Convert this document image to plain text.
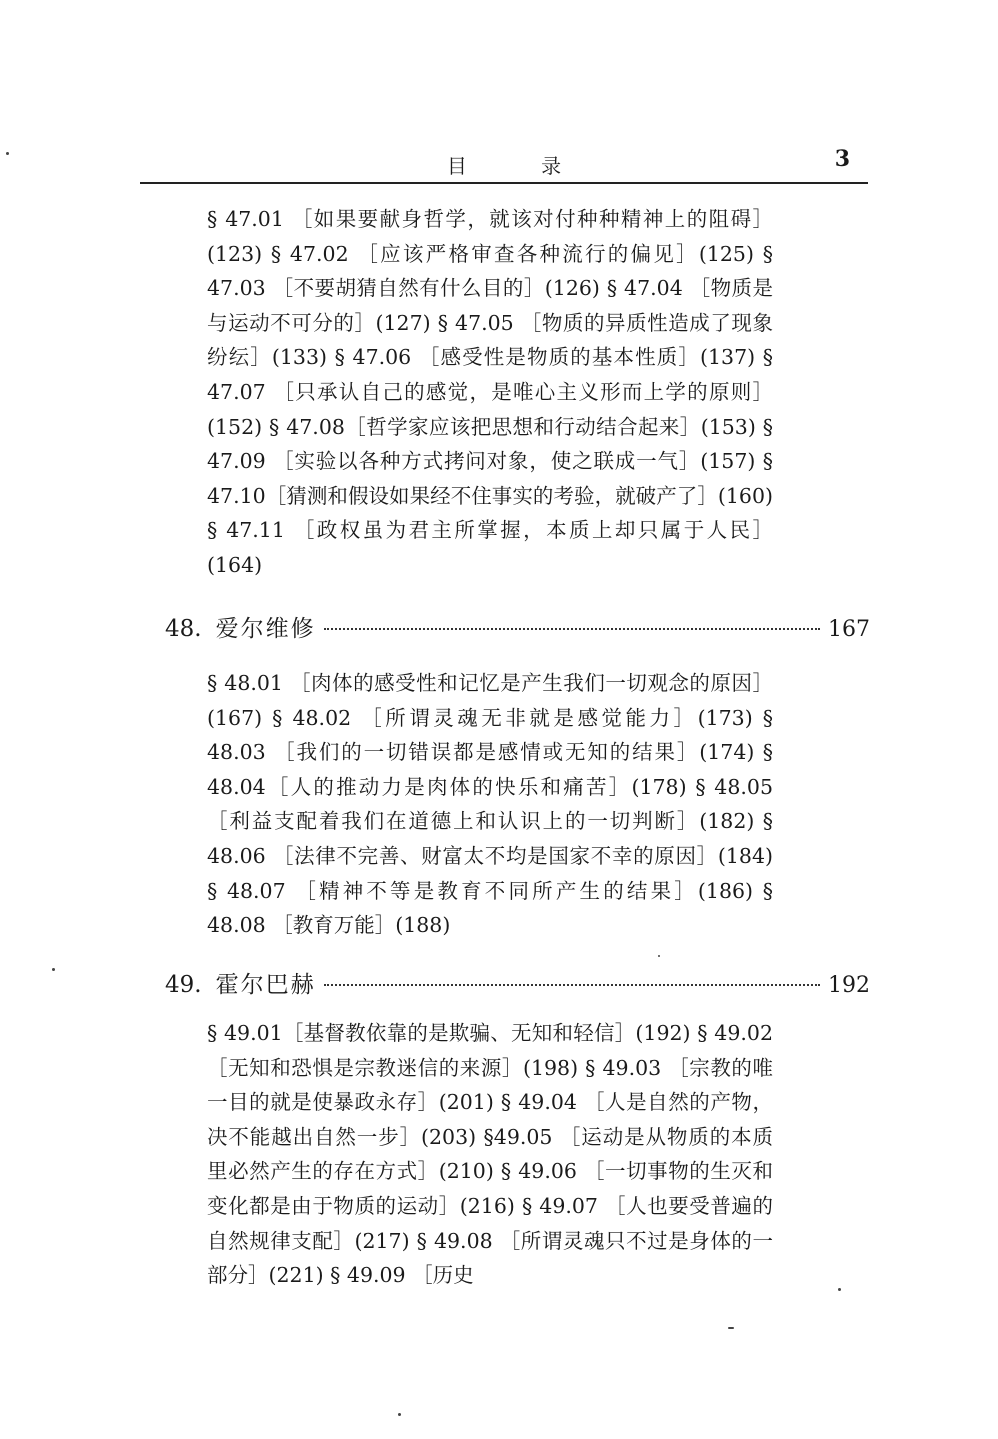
目 录	3
§ 47.01 ［如果要献身哲学，就该对付种种精神上的阻碍］(123) § 47.02 ［应该严格审查各种流行的偏见］(125) § 47.03 ［不要胡猜自然有什么目的］(126) § 47.04 ［物质是与运动不可分的］(127) § 47.05 ［物质的异质性造成了现象纷纭］(133) § 47.06 ［感受性是物质的基本性质］(137) § 47.07 ［只承认自己的感觉，是唯心主义形而上学的原则］(152) § 47.08［哲学家应该把思想和行动结合起来］(153) § 47.09 ［实验以各种方式拷问对象，使之联成一气］(157) § 47.10［猜测和假设如果经不住事实的考验，就破产了］(160) § 47.11 ［政权虽为君主所掌握，本质上却只属于人民］(164)
48. 爱尔维修	167
§ 48.01 ［肉体的感受性和记忆是产生我们一切观念的原因］(167) § 48.02 ［所谓灵魂无非就是感觉能力］(173) § 48.03 ［我们的一切错误都是感情或无知的结果］(174) § 48.04［人的推动力是肉体的快乐和痛苦］(178) § 48.05 ［利益支配着我们在道德上和认识上的一切判断］(182) § 48.06 ［法律不完善、财富太不均是国家不幸的原因］(184) § 48.07 ［精神不等是教育不同所产生的结果］(186) § 48.08 ［教育万能］(188)
49. 霍尔巴赫	192
§ 49.01［基督教依靠的是欺骗、无知和轻信］(192) § 49.02 ［无知和恐惧是宗教迷信的来源］(198) § 49.03 ［宗教的唯一目的就是使暴政永存］(201) § 49.04 ［人是自然的产物，决不能越出自然一步］(203) §49.05 ［运动是从物质的本质里必然产生的存在方式］(210) § 49.06 ［一切事物的生灭和变化都是由于物质的运动］(216) § 49.07 ［人也要受普遍的自然规律支配］(217) § 49.08 ［所谓灵魂只不过是身体的一部分］(221) § 49.09 ［历史
